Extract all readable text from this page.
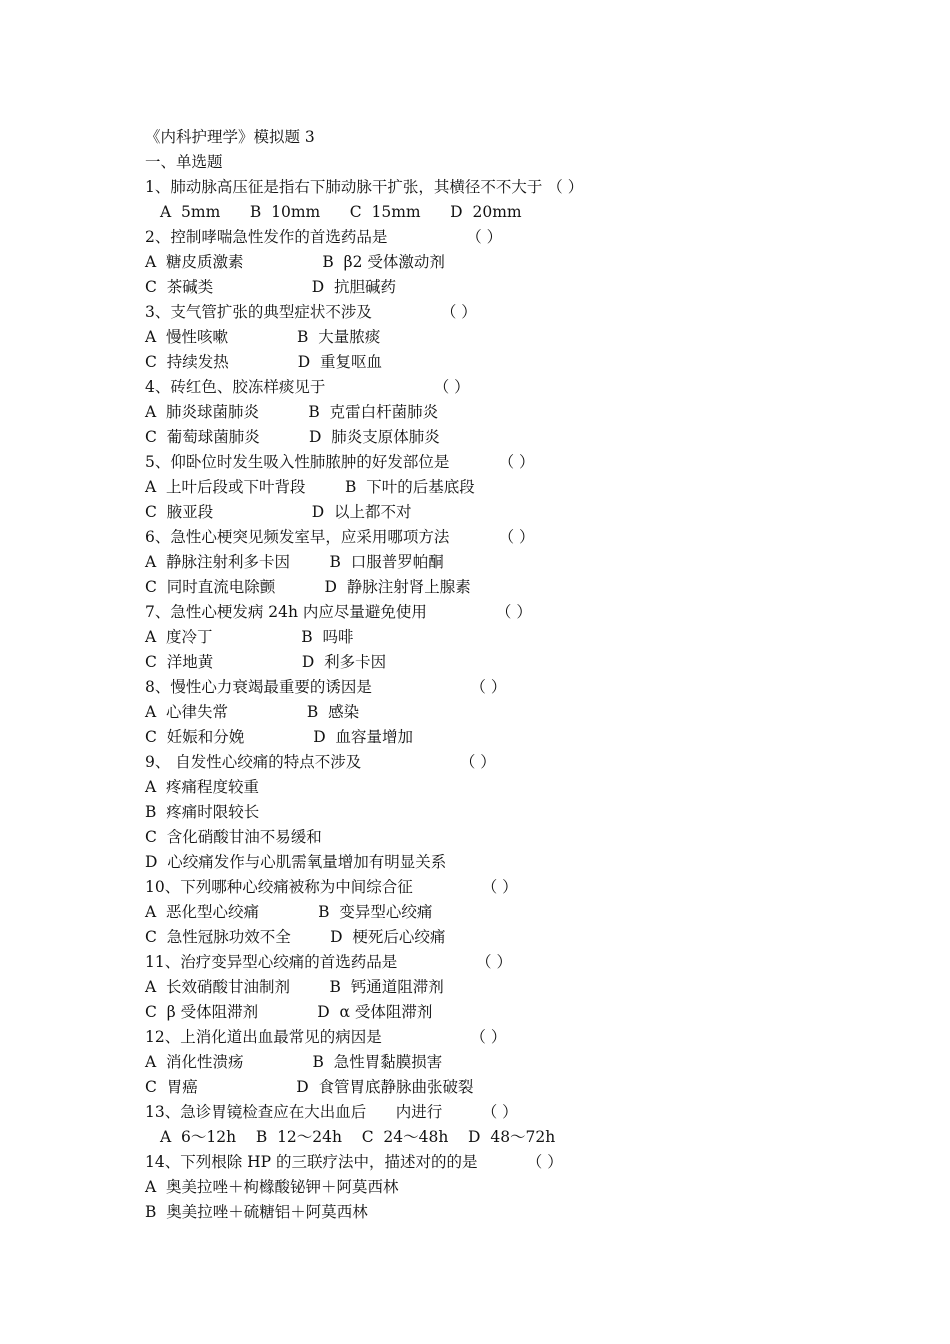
《内科护理学》模拟题 3
一、单选题
1、肺动脉高压征是指右下肺动脉干扩张，其横径不不大于 （ ）
A  5mm      B  10mm      C  15mm      D  20mm
2、控制哮喘急性发作的首选药品是                （ ）
A  糖皮质激素                B  β2 受体激动剂
C  茶碱类                    D  抗胆碱药
3、支气管扩张的典型症状不涉及              （ ）
A  慢性咳嗽              B  大量脓痰
C  持续发热              D  重复呕血
4、砖红色、胶冻样痰见于                      （ ）
A  肺炎球菌肺炎          B  克雷白杆菌肺炎
C  葡萄球菌肺炎          D  肺炎支原体肺炎
5、仰卧位时发生吸入性肺脓肿的好发部位是          （ ）
A  上叶后段或下叶背段        B  下叶的后基底段
C  腋亚段                    D  以上都不对
6、急性心梗突见频发室早，应采用哪项方法          （ ）
A  静脉注射利多卡因        B  口服普罗帕酮
C  同时直流电除颤          D  静脉注射肾上腺素
7、急性心梗发病 24h 内应尽量避免使用              （ ）
A  度冷丁                  B  吗啡
C  洋地黄                  D  利多卡因
8、慢性心力衰竭最重要的诱因是                    （ ）
A  心律失常                B  感染
C  妊娠和分娩              D  血容量增加
9、 自发性心绞痛的特点不涉及                    （ ）
A  疼痛程度较重
B  疼痛时限较长
C  含化硝酸甘油不易缓和
D  心绞痛发作与心肌需氧量增加有明显关系
10、下列哪种心绞痛被称为中间综合征              （ ）
A  恶化型心绞痛            B  变异型心绞痛
C  急性冠脉功效不全        D  梗死后心绞痛
11、治疗变异型心绞痛的首选药品是                （ ）
A  长效硝酸甘油制剂        B  钙通道阻滞剂
C  β 受体阻滞剂            D  α 受体阻滞剂
12、上消化道出血最常见的病因是                  （ ）
A  消化性溃疡              B  急性胃黏膜损害
C  胃癌                    D  食管胃底静脉曲张破裂
13、急诊胃镜检查应在大出血后      内进行        （ ）
A  6～12h    B  12～24h    C  24～48h    D  48～72h
14、下列根除 HP 的三联疗法中，描述对的的是          （ ）
A  奥美拉唑＋枸橼酸铋钾＋阿莫西林
B  奥美拉唑＋硫糖铝＋阿莫西林
